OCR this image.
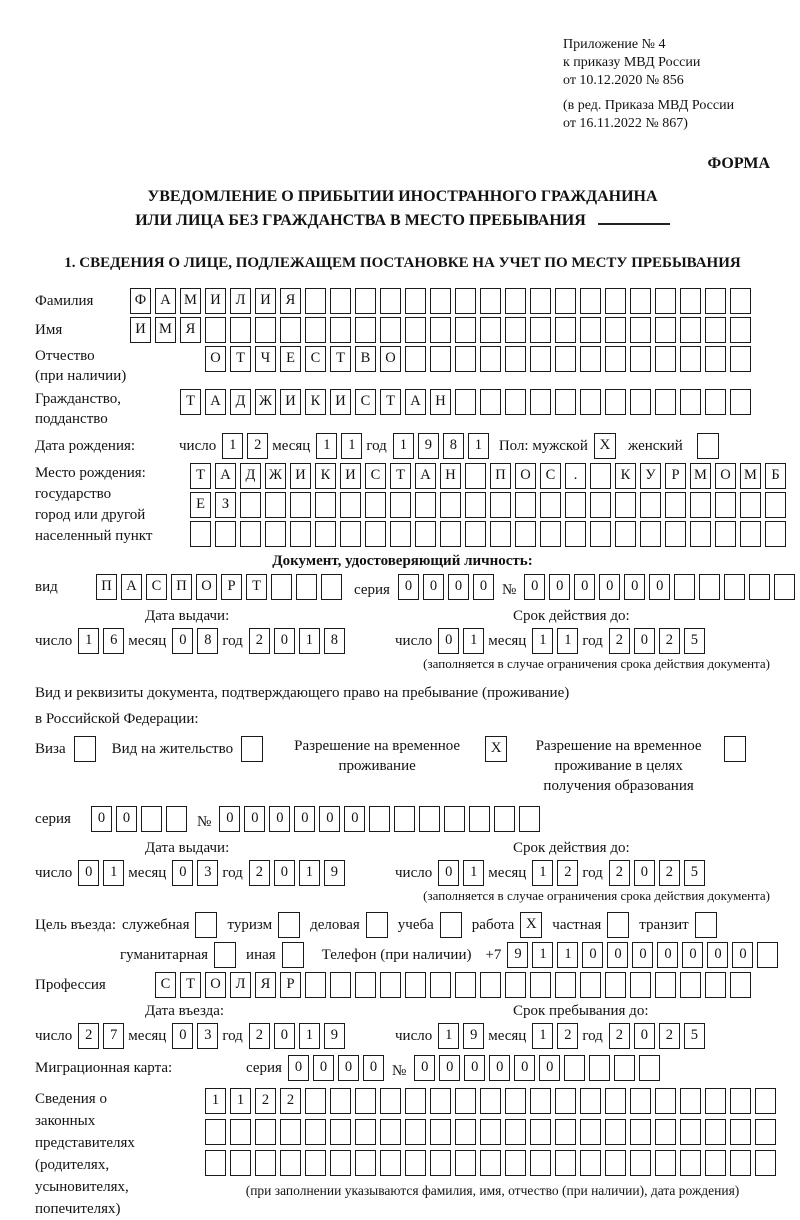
Приложение № 4
к приказу МВД России
от 10.12.2020 № 856
(в ред. Приказа МВД России
от 16.11.2022 № 867)
ФОРМА
УВЕДОМЛЕНИЕ О ПРИБЫТИИ ИНОСТРАННОГО ГРАЖДАНИНА
ИЛИ ЛИЦА БЕЗ ГРАЖДАНСТВА В МЕСТО ПРЕБЫВАНИЯ
1. СВЕДЕНИЯ О ЛИЦЕ, ПОДЛЕЖАЩЕМ ПОСТАНОВКЕ НА УЧЕТ ПО МЕСТУ ПРЕБЫВАНИЯ
Фамилия	Ф А М И	Л	И	Я
Имя	И М Я
Отчество
(при наличии)
О	Т	Ч	Е	С	Т	В	О
Гражданство,
подданство
Т	А	Д Ж И	К	И	С	Т	А	Н
Дата рождения:	число 1	2 месяц 1	1 год 1	9	8	1	Пол: мужской X	женский
Место рождения:
государство
город или другой
населенный пункт
Т	А	Д Ж И	К	И	С	Т	А	Н	П	О	С	.	К	У	Р	М О М Б
Е	З
Документ, удостоверяющий личность:
вид	П	А	С	П	О	Р	Т	серия	0	0	0	0 №	0	0	0	0	0	0
Дата выдачи:
число 1	6 месяц 0	8 год 2	0	1	8
Срок действия до:
число 0	1 месяц 1	1 год 2	0	2	5
(заполняется в случае ограничения срока действия документа)
Вид и реквизиты документа, подтверждающего право на пребывание (проживание)
в Российской Федерации:
Виза	Вид на жительство	Разрешение на временное проживание
X	Разрешение на временное проживание в целях получения образования
серия	0	0	№	0	0	0	0	0	0
Дата выдачи:
число 0	1 месяц 0	3 год 2	0	1	9
Срок действия до:
число 0	1 месяц 1	2 год 2	0	2	5
(заполняется в случае ограничения срока действия документа)
Цель въезда: служебная	туризм	деловая	учеба	работа X	частная	транзит
гуманитарная	иная	Телефон (при наличии) +7 9	1	1	0	0	0	0	0	0	0
Профессия	С	Т	О	Л	Я	Р
Дата въезда:
число 2	7 месяц 0	3 год 2	0	1	9
Срок пребывания до:
число 1	9 месяц 1	2 год 2	0	2	5
Миграционная карта:	серия 0	0	0	0 №	0	0	0	0	0	0
Сведения о
законных
представителях
(родителях,
усыновителях,
попечителях)
1	1	2	2
(при заполнении указываются фамилия, имя, отчество (при наличии), дата рождения)
